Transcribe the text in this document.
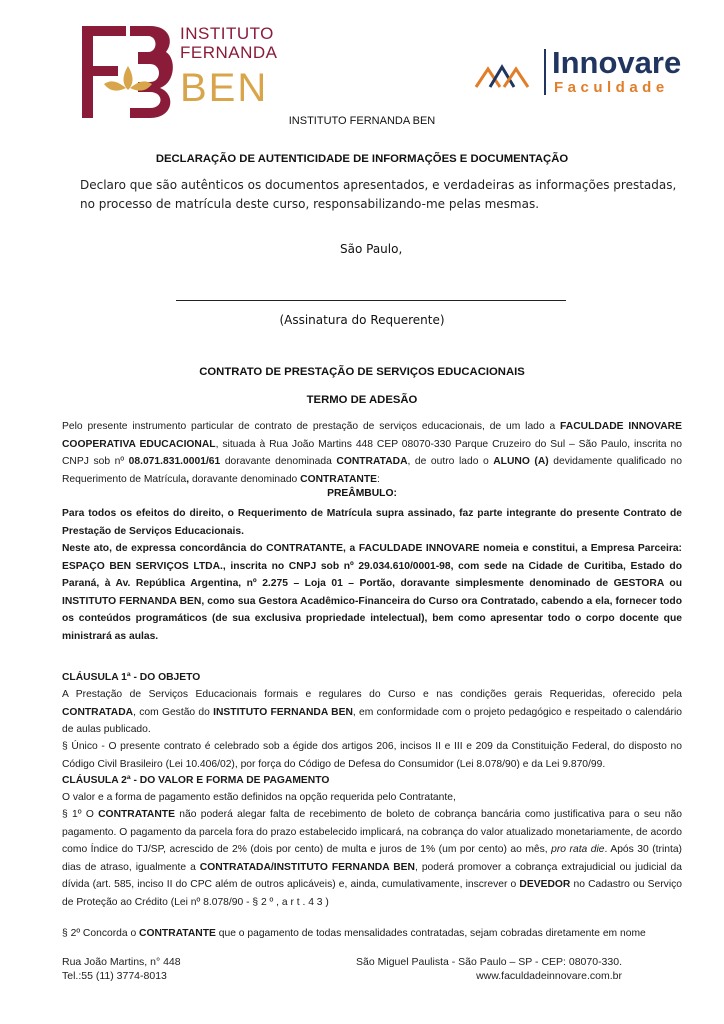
INSTITUTO
FERNANDA
BEN
Innovare
Faculdade
INSTITUTO FERNANDA BEN
DECLARAÇÃO DE AUTENTICIDADE DE INFORMAÇÕES E DOCUMENTAÇÃO
Declaro que são autênticos os documentos apresentados, e verdadeiras as informações prestadas,
no processo de matrícula deste curso, responsabilizando-me pelas mesmas.
São Paulo,
(Assinatura do Requerente)
CONTRATO DE PRESTAÇÃO DE SERVIÇOS EDUCACIONAIS
TERMO DE ADESÃO
Pelo presente instrumento particular de contrato de prestação de serviços educacionais, de um lado a FACULDADE INNOVARE COOPERATIVA EDUCACIONAL, situada à Rua João Martins 448 CEP 08070-330 Parque Cruzeiro do Sul – São Paulo, inscrita no CNPJ sob nº 08.071.831.0001/61 doravante denominada CONTRATADA, de outro lado o ALUNO (A) devidamente qualificado no Requerimento de Matrícula, doravante denominado CONTRATANTE:
PREÂMBULO:
Para todos os efeitos do direito, o Requerimento de Matrícula supra assinado, faz parte integrante do presente Contrato de Prestação de Serviços Educacionais.
Neste ato, de expressa concordância do CONTRATANTE, a FACULDADE INNOVARE nomeia e constitui, a Empresa Parceira: ESPAÇO BEN SERVIÇOS LTDA., inscrita no CNPJ sob nº 29.034.610/0001-98, com sede na Cidade de Curitiba, Estado do Paraná, à Av. República Argentina, nº 2.275 – Loja 01 – Portão, doravante simplesmente denominado de GESTORA ou INSTITUTO FERNANDA BEN, como sua Gestora Acadêmico-Financeira do Curso ora Contratado, cabendo a ela, fornecer todo os conteúdos programáticos (de sua exclusiva propriedade intelectual), bem como apresentar todo o corpo docente que ministrará as aulas.
CLÁUSULA 1ª - DO OBJETO
A Prestação de Serviços Educacionais formais e regulares do Curso e nas condições gerais Requeridas, oferecido pela CONTRATADA, com Gestão do INSTITUTO FERNANDA BEN, em conformidade com o projeto pedagógico e respeitado o calendário de aulas publicado.
§ Único - O presente contrato é celebrado sob a égide dos artigos 206, incisos II e III e 209 da Constituição Federal, do disposto no Código Civil Brasileiro (Lei 10.406/02), por força do Código de Defesa do Consumidor (Lei 8.078/90) e da Lei 9.870/99.
CLÁUSULA 2ª - DO VALOR E FORMA DE PAGAMENTO
O valor e a forma de pagamento estão definidos na opção requerida pelo Contratante,
§ 1º O CONTRATANTE não poderá alegar falta de recebimento de boleto de cobrança bancária como justificativa para o seu não pagamento. O pagamento da parcela fora do prazo estabelecido implicará, na cobrança do valor atualizado monetariamente, de acordo como Índice do TJ/SP, acrescido de 2% (dois por cento) de multa e juros de 1% (um por cento) ao mês, pro rata die. Após 30 (trinta) dias de atraso, igualmente a CONTRATADA/INSTITUTO FERNANDA BEN, poderá promover a cobrança extrajudicial ou judicial da dívida (art. 585, inciso II do CPC além de outros aplicáveis) e, ainda, cumulativamente, inscrever o DEVEDOR no Cadastro ou Serviço de Proteção ao Crédito (Lei nº 8.078/90 - § 2 º , a r t . 4 3 )
§ 2º Concorda o CONTRATANTE que o pagamento de todas mensalidades contratadas, sejam cobradas diretamente em nome
Rua João Martins, n° 448
Tel.:55 (11) 3774-8013
São Miguel Paulista - São Paulo – SP - CEP: 08070-330.
www.faculdadeinnovare.com.br
